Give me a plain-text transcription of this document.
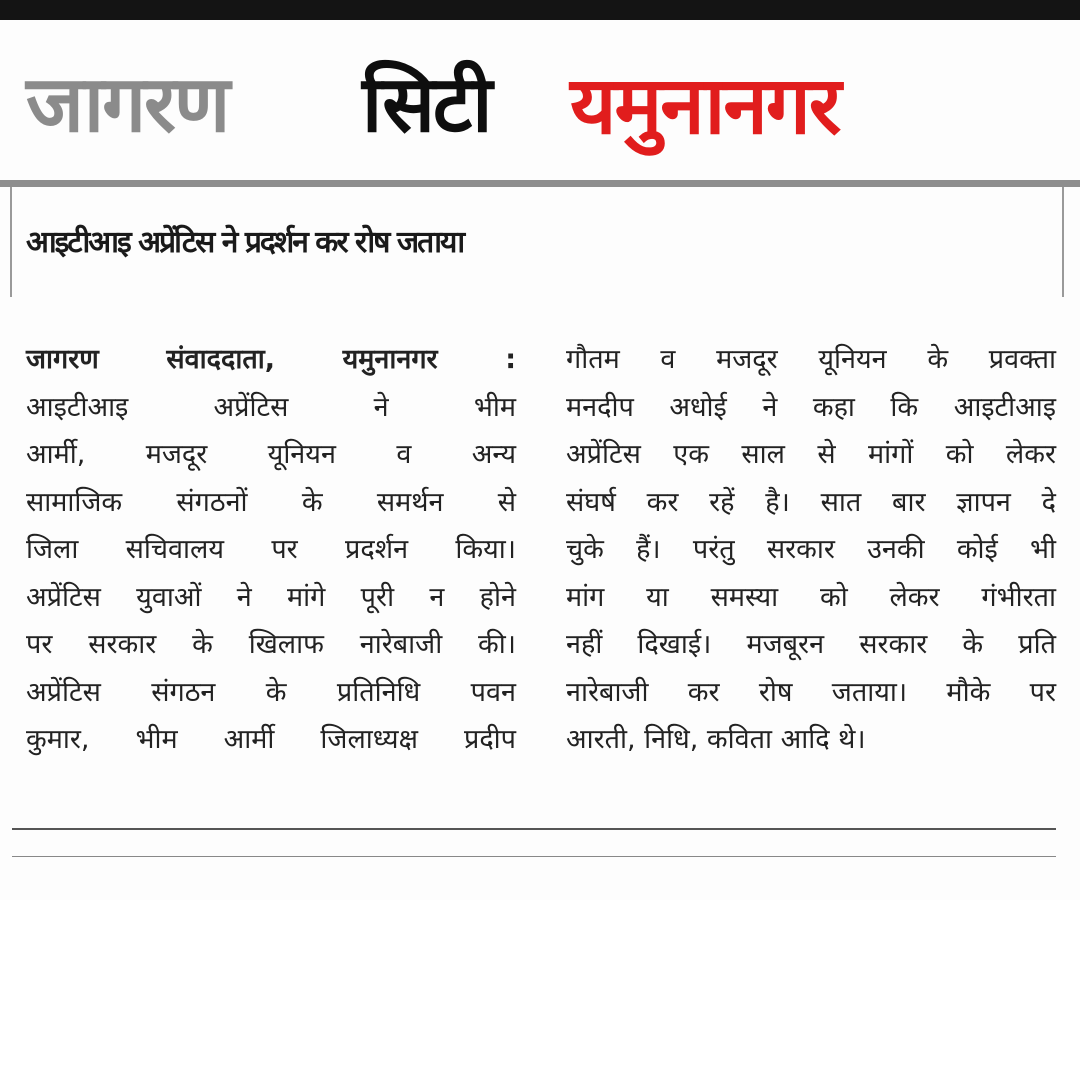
जागरण सिटी यमुनानगर
आइटीआइ अप्रेंटिस ने प्रदर्शन कर रोष जताया
जागरण संवाददाता, यमुनानगर :
आइटीआइ अप्रेंटिस ने भीम
आर्मी, मजदूर यूनियन व अन्य
सामाजिक संगठनों के समर्थन से
जिला सचिवालय पर प्रदर्शन किया।
अप्रेंटिस युवाओं ने मांगे पूरी न होने
पर सरकार के खिलाफ नारेबाजी की।
अप्रेंटिस संगठन के प्रतिनिधि पवन
कुमार, भीम आर्मी जिलाध्यक्ष प्रदीप
गौतम व मजदूर यूनियन के प्रवक्ता
मनदीप अधोई ने कहा कि आइटीआइ
अप्रेंटिस एक साल से मांगों को लेकर
संघर्ष कर रहें है। सात बार ज्ञापन दे
चुके हैं। परंतु सरकार उनकी कोई भी
मांग या समस्या को लेकर गंभीरता
नहीं दिखाई। मजबूरन सरकार के प्रति
नारेबाजी कर रोष जताया। मौके पर
आरती, निधि, कविता आदि थे।
